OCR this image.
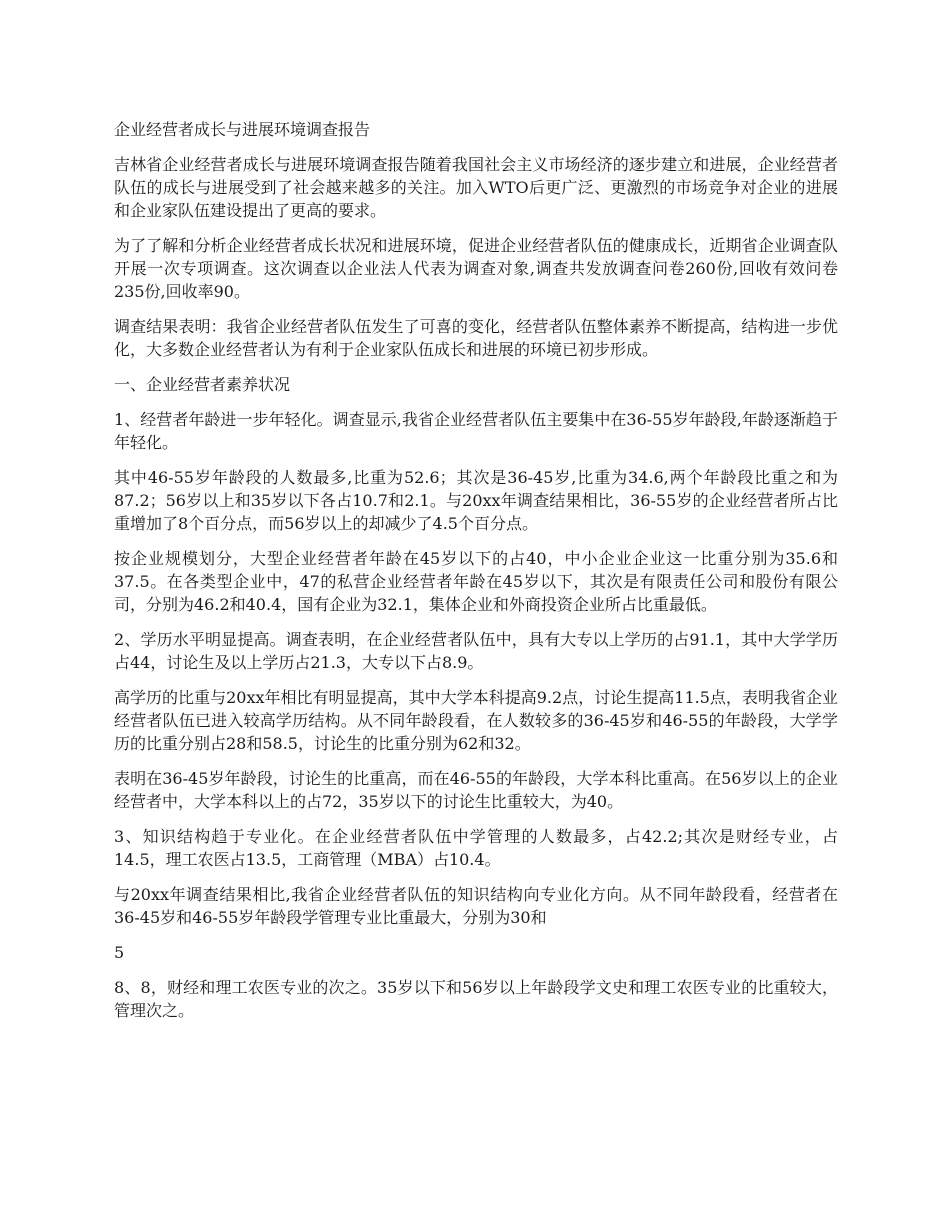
企业经营者成长与进展环境调查报告

吉林省企业经营者成长与进展环境调查报告随着我国社会主义市场经济的逐步建立和进展，企业经营者队伍的成长与进展受到了社会越来越多的关注。加入WTO后更广泛、更激烈的市场竞争对企业的进展和企业家队伍建设提出了更高的要求。

为了了解和分析企业经营者成长状况和进展环境，促进企业经营者队伍的健康成长，近期省企业调查队开展一次专项调查。这次调查以企业法人代表为调查对象,调查共发放调查问卷260份,回收有效问卷235份,回收率90。

调查结果表明：我省企业经营者队伍发生了可喜的变化，经营者队伍整体素养不断提高，结构进一步优化，大多数企业经营者认为有利于企业家队伍成长和进展的环境已初步形成。

一、企业经营者素养状况

1、经营者年龄进一步年轻化。调查显示,我省企业经营者队伍主要集中在36-55岁年龄段,年龄逐渐趋于年轻化。

其中46-55岁年龄段的人数最多,比重为52.6；其次是36-45岁,比重为34.6,两个年龄段比重之和为87.2；56岁以上和35岁以下各占10.7和2.1。与20xx年调查结果相比，36-55岁的企业经营者所占比重增加了8个百分点，而56岁以上的却减少了4.5个百分点。

按企业规模划分，大型企业经营者年龄在45岁以下的占40，中小企业企业这一比重分别为35.6和37.5。在各类型企业中，47的私营企业经营者年龄在45岁以下，其次是有限责任公司和股份有限公司，分别为46.2和40.4，国有企业为32.1，集体企业和外商投资企业所占比重最低。

2、学历水平明显提高。调查表明，在企业经营者队伍中，具有大专以上学历的占91.1，其中大学学历占44，讨论生及以上学历占21.3，大专以下占8.9。

高学历的比重与20xx年相比有明显提高，其中大学本科提高9.2点，讨论生提高11.5点，表明我省企业经营者队伍已进入较高学历结构。从不同年龄段看，在人数较多的36-45岁和46-55的年龄段，大学学历的比重分别占28和58.5，讨论生的比重分别为62和32。

表明在36-45岁年龄段，讨论生的比重高，而在46-55的年龄段，大学本科比重高。在56岁以上的企业经营者中，大学本科以上的占72，35岁以下的讨论生比重较大，为40。

3、知识结构趋于专业化。在企业经营者队伍中学管理的人数最多，占42.2;其次是财经专业，占14.5，理工农医占13.5，工商管理（MBA）占10.4。

与20xx年调查结果相比,我省企业经营者队伍的知识结构向专业化方向。从不同年龄段看，经营者在36-45岁和46-55岁年龄段学管理专业比重最大，分别为30和

5

8、8，财经和理工农医专业的次之。35岁以下和56岁以上年龄段学文史和理工农医专业的比重较大，管理次之。
